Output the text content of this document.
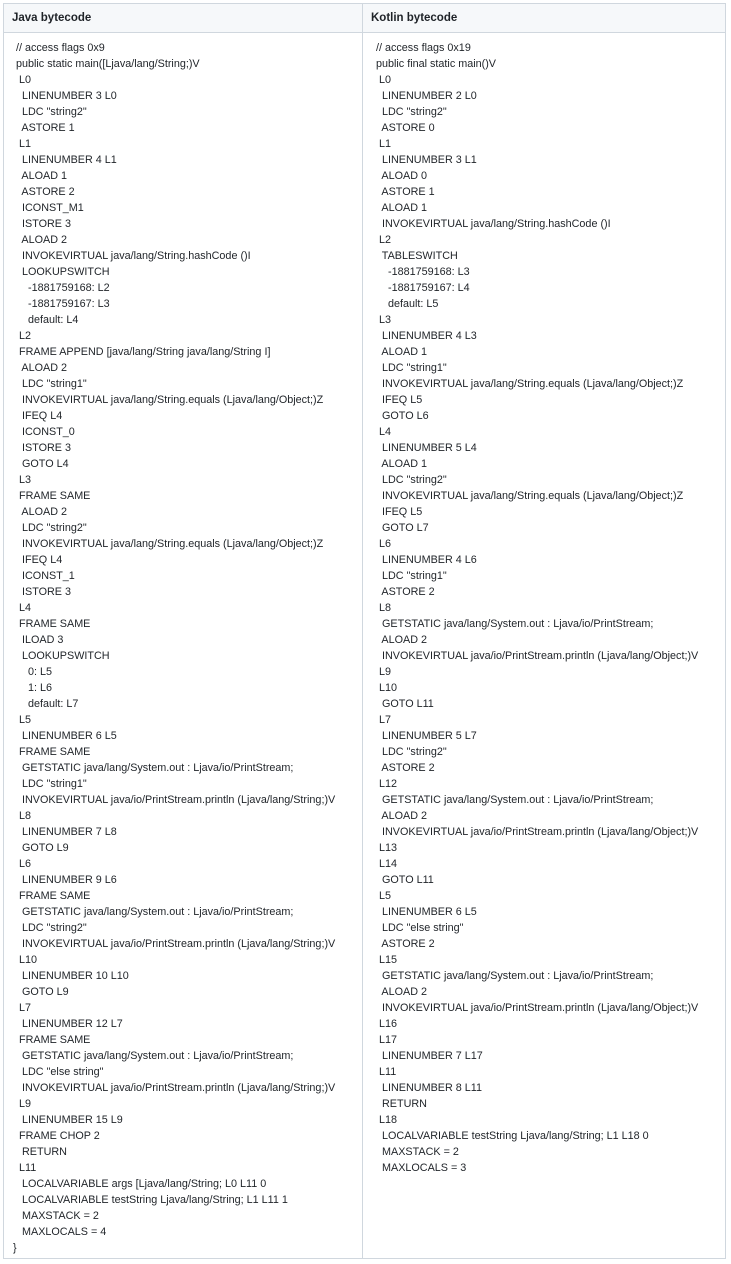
Java bytecode	Kotlin bytecode
// access flags 0x9
public static main([Ljava/lang/String;)V
L0
LINENUMBER 3 L0
LDC "string2"
ASTORE 1
L1
LINENUMBER 4 L1
ALOAD 1
ASTORE 2
ICONST_M1
ISTORE 3
ALOAD 2
INVOKEVIRTUAL java/lang/String.hashCode ()I
LOOKUPSWITCH
-1881759168: L2
-1881759167: L3
default: L4
L2
FRAME APPEND [java/lang/String java/lang/String I]
ALOAD 2
LDC "string1"
INVOKEVIRTUAL java/lang/String.equals (Ljava/lang/Object;)Z
IFEQ L4
ICONST_0
ISTORE 3
GOTO L4
L3
FRAME SAME
ALOAD 2
LDC "string2"
INVOKEVIRTUAL java/lang/String.equals (Ljava/lang/Object;)Z
IFEQ L4
ICONST_1
ISTORE 3
L4
FRAME SAME
ILOAD 3
LOOKUPSWITCH
0: L5
1: L6
default: L7
L5
LINENUMBER 6 L5
FRAME SAME
GETSTATIC java/lang/System.out : Ljava/io/PrintStream;
LDC "string1"
INVOKEVIRTUAL java/io/PrintStream.println (Ljava/lang/String;)V
L8
LINENUMBER 7 L8
GOTO L9
L6
LINENUMBER 9 L6
FRAME SAME
GETSTATIC java/lang/System.out : Ljava/io/PrintStream;
LDC "string2"
INVOKEVIRTUAL java/io/PrintStream.println (Ljava/lang/String;)V
L10
LINENUMBER 10 L10
GOTO L9
L7
LINENUMBER 12 L7
FRAME SAME
GETSTATIC java/lang/System.out : Ljava/io/PrintStream;
LDC "else string"
INVOKEVIRTUAL java/io/PrintStream.println (Ljava/lang/String;)V
L9
LINENUMBER 15 L9
FRAME CHOP 2
RETURN
L11
LOCALVARIABLE args [Ljava/lang/String; L0 L11 0
LOCALVARIABLE testString Ljava/lang/String; L1 L11 1
MAXSTACK = 2
MAXLOCALS = 4
}
// access flags 0x19
public final static main()V
L0
LINENUMBER 2 L0
LDC "string2"
ASTORE 0
L1
LINENUMBER 3 L1
ALOAD 0
ASTORE 1
ALOAD 1
INVOKEVIRTUAL java/lang/String.hashCode ()I
L2
TABLESWITCH
-1881759168: L3
-1881759167: L4
default: L5
L3
LINENUMBER 4 L3
ALOAD 1
LDC "string1"
INVOKEVIRTUAL java/lang/String.equals (Ljava/lang/Object;)Z
IFEQ L5
GOTO L6
L4
LINENUMBER 5 L4
ALOAD 1
LDC "string2"
INVOKEVIRTUAL java/lang/String.equals (Ljava/lang/Object;)Z
IFEQ L5
GOTO L7
L6
LINENUMBER 4 L6
LDC "string1"
ASTORE 2
L8
GETSTATIC java/lang/System.out : Ljava/io/PrintStream;
ALOAD 2
INVOKEVIRTUAL java/io/PrintStream.println (Ljava/lang/Object;)V
L9
L10
GOTO L11
L7
LINENUMBER 5 L7
LDC "string2"
ASTORE 2
L12
GETSTATIC java/lang/System.out : Ljava/io/PrintStream;
ALOAD 2
INVOKEVIRTUAL java/io/PrintStream.println (Ljava/lang/Object;)V
L13
L14
GOTO L11
L5
LINENUMBER 6 L5
LDC "else string"
ASTORE 2
L15
GETSTATIC java/lang/System.out : Ljava/io/PrintStream;
ALOAD 2
INVOKEVIRTUAL java/io/PrintStream.println (Ljava/lang/Object;)V
L16
L17
LINENUMBER 7 L17
L11
LINENUMBER 8 L11
RETURN
L18
LOCALVARIABLE testString Ljava/lang/String; L1 L18 0
MAXSTACK = 2
MAXLOCALS = 3
